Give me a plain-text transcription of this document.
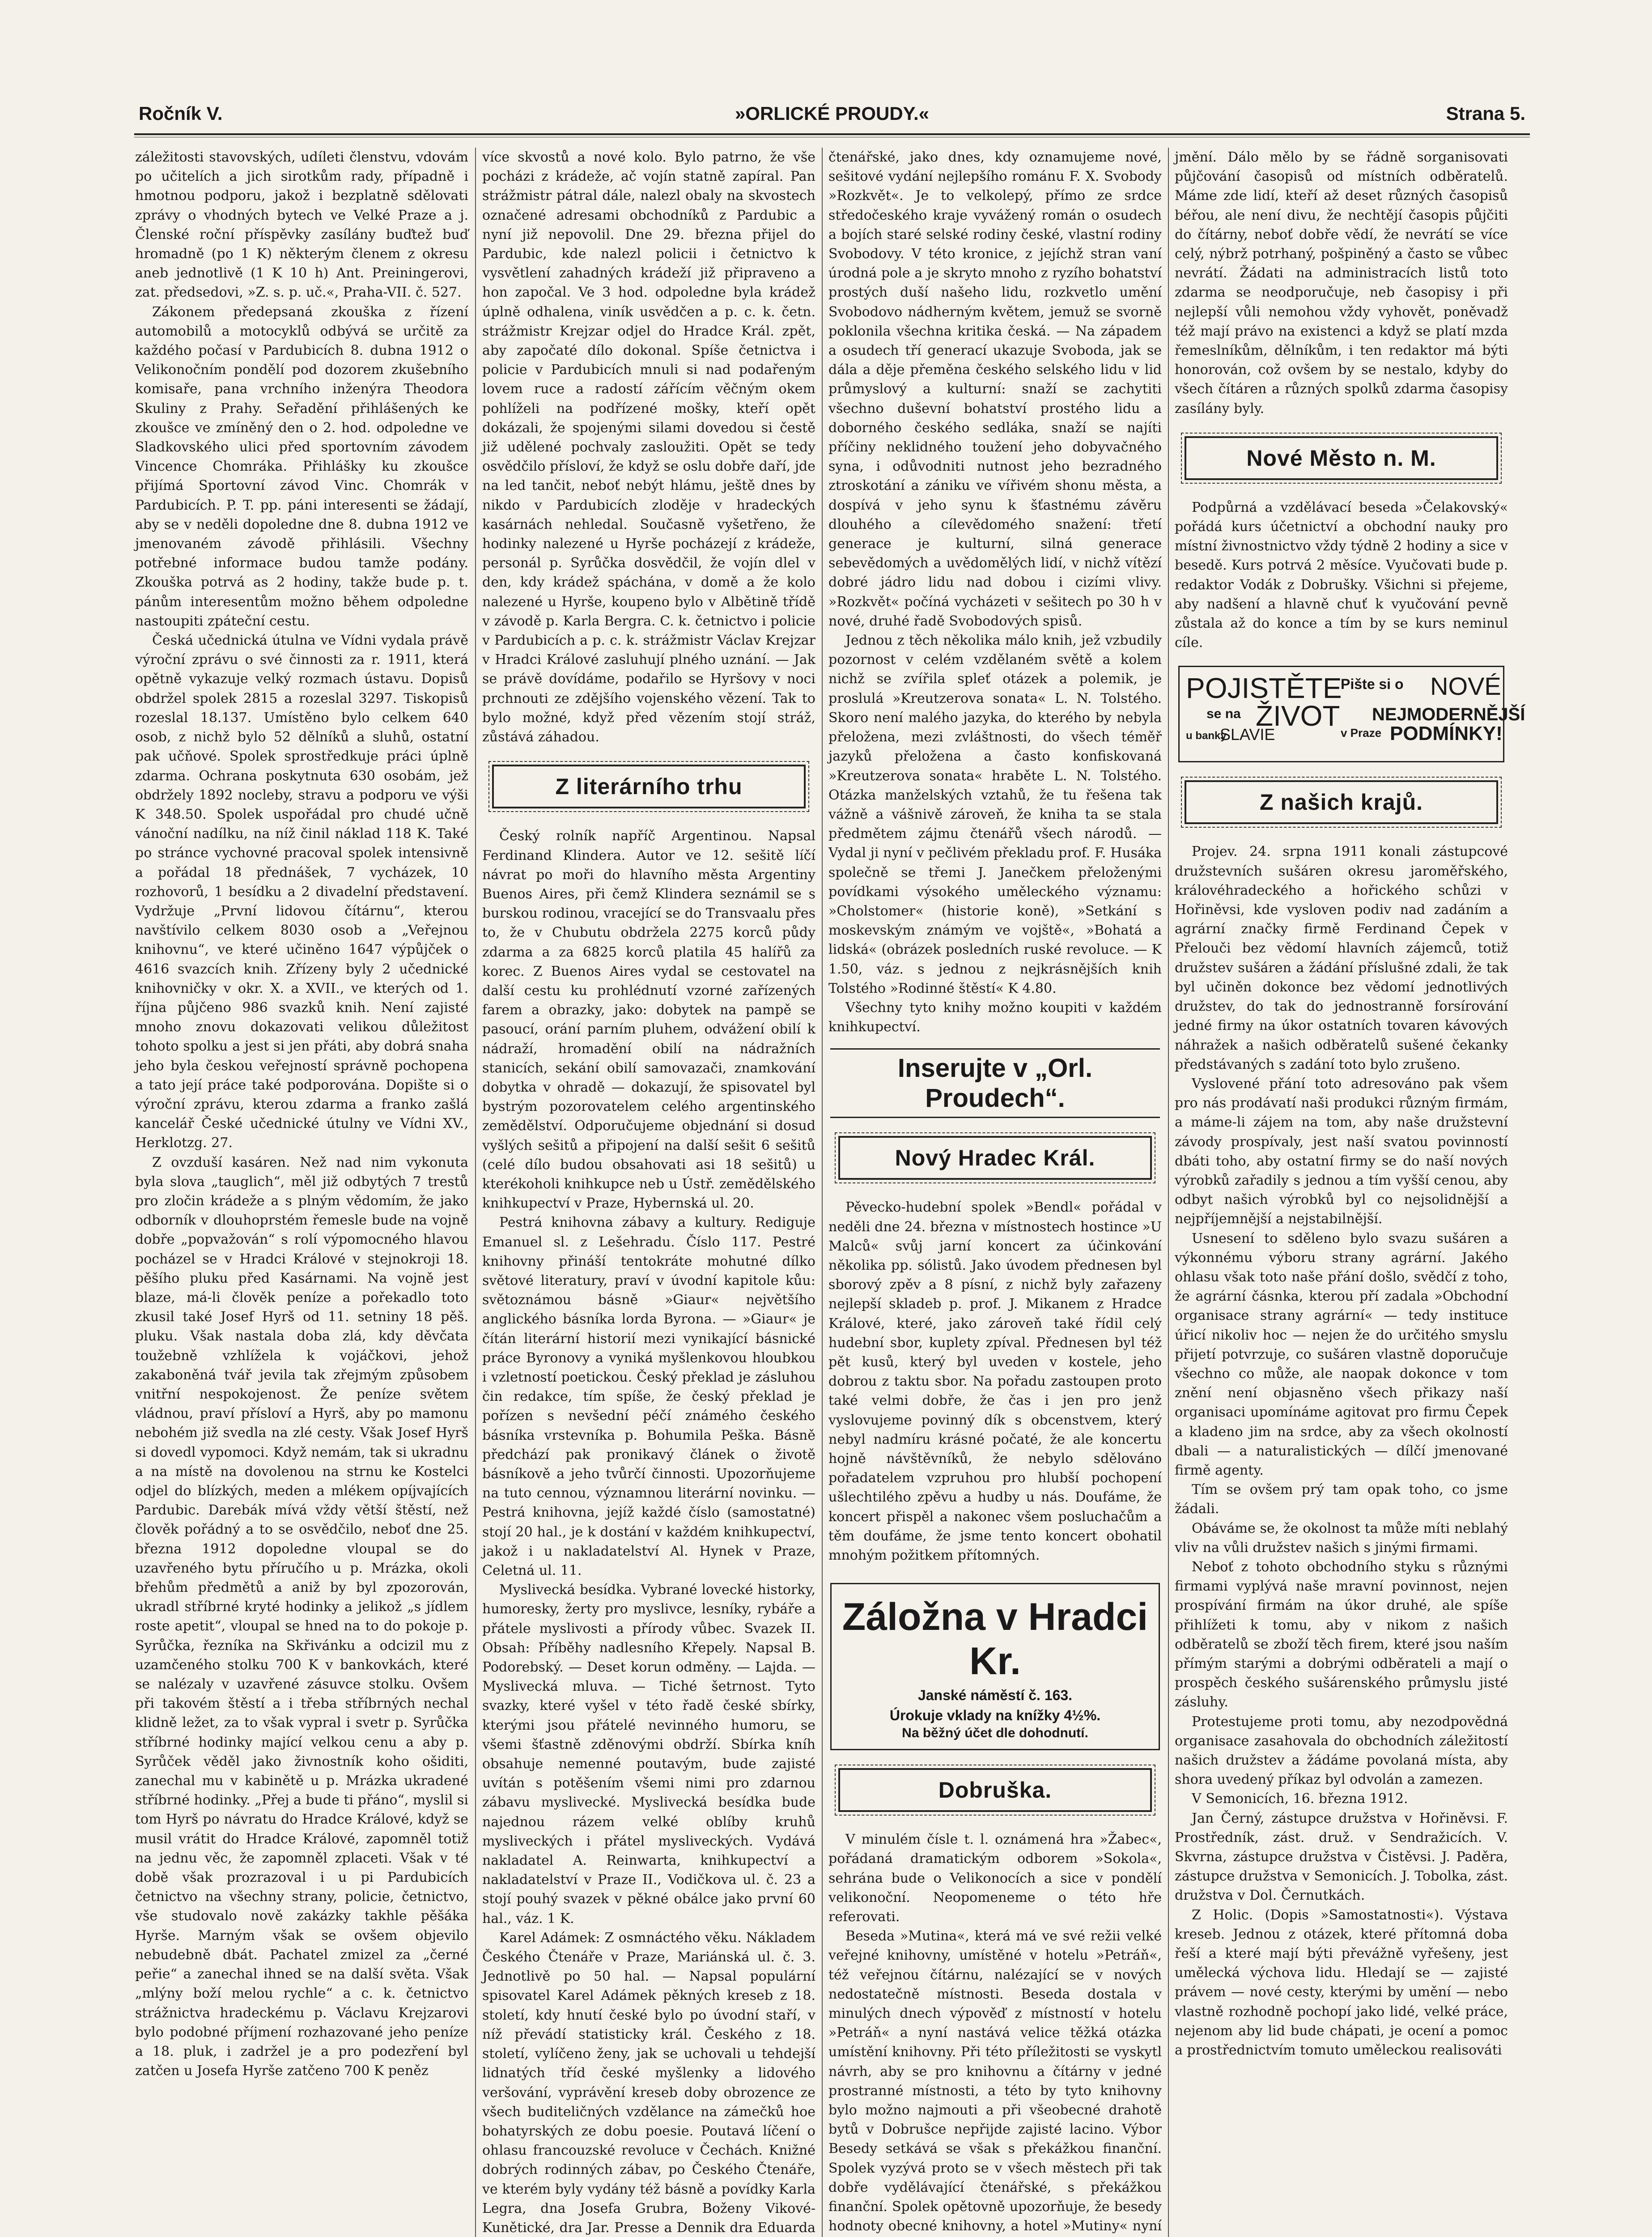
Ročník V.	»ORLICKÉ PROUDY.«	Strana 5.

záležitosti stavovských, udíleti členstvu, vdovám po učitelích a jich sirotkům rady, případně i hmotnou podporu, jakož i bezplatně sdělovati zprávy o vhodných bytech ve Velké Praze a j. Členské roční příspěvky zasílány buďtež buď hromadně (po 1 K) některým členem z okresu aneb jednotlivě (1 K 10 h) Ant. Preiningerovi, zat. předsedovi, »Z. s. p. uč.«, Praha-VII. č. 527.

Zákonem předepsaná zkouška z řízení automobilů a motocyklů odbývá se určitě za každého počasí v Pardubicích 8. dubna 1912 o Velikonočním pondělí pod dozorem zkušebního komisaře, pana vrchního inženýra Theodora Skuliny z Prahy. Seřadění přihlášených ke zkoušce ve zmíněný den o 2. hod. odpoledne ve Sladkovského ulici před sportovním závodem Vincence Chomráka. Přihlášky ku zkoušce přijímá Sportovní závod Vinc. Chomrák v Pardubicích. P. T. pp. páni interesenti se žádají, aby se v neděli dopoledne dne 8. dubna 1912 ve jmenovaném závodě přihlásili. Všechny potřebné informace budou tamže podány. Zkouška potrvá as 2 hodiny, takže bude p. t. pánům interesentům možno během odpoledne nastoupiti zpáteční cestu.

Česká učednická útulna ve Vídni vydala právě výroční zprávu o své činnosti za r. 1911, která opětně vykazuje velký rozmach ústavu. Dopisů obdržel spolek 2815 a rozeslal 3297. Tiskopisů rozeslal 18.137. Umístěno bylo celkem 640 osob, z nichž bylo 52 dělníků a sluhů, ostatní pak učňové. Spolek sprostředkuje práci úplně zdarma. Ochrana poskytnuta 630 osobám, jež obdržely 1892 nocleby, stravu a podporu ve výši K 348.50. Spolek uspořádal pro chudé učně vánoční nadílku, na níž činil náklad 118 K. Také po stránce vychovné pracoval spolek intensivně a pořádal 18 přednášek, 7 vycházek, 10 rozhovorů, 1 besídku a 2 divadelní představení. Vydržuje „První lidovou čítárnu“, kterou navštívilo celkem 8030 osob a „Veřejnou knihovnu“, ve které učiněno 1647 výpůjček o 4616 svazcích knih. Zřízeny byly 2 učednické knihovničky v okr. X. a XVII., ve kterých od 1. října půjčeno 986 svazků knih. Není zajisté mnoho znovu dokazovati velikou důležitost tohoto spolku a jest si jen přáti, aby dobrá snaha jeho byla českou veřejností správně pochopena a tato její práce také podporována. Dopište si o výroční zprávu, kterou zdarma a franko zašlá kancelář České učednické útulny ve Vídni XV., Herklotzg. 27.

Z ovzduší kasáren. Než nad nim vykonuta byla slova „tauglich“, měl již odbytých 7 trestů pro zločin krádeže a s plným vědomím, že jako odborník v dlouhoprstém řemesle bude na vojně dobře „popvažován“ s rolí výpomocného hlavou pocházel se v Hradci Králové v stejnokroji 18. pěšího pluku před Kasárnami. Na vojně jest blaze, má-li člověk peníze a pořekadlo toto zkusil také Josef Hyrš od 11. setniny 18 pěš. pluku. Však nastala doba zlá, kdy děvčata toužebně vzhlížela k vojáčkovi, jehož zakaboněná tvář jevila tak zřejmým způsobem vnitřní nespokojenost. Že peníze světem vládnou, praví přísloví a Hyrš, aby po mamonu nebohém již svedla na zlé cesty. Však Josef Hyrš si dovedl vypomoci. Když nemám, tak si ukradnu a na místě na dovolenou na strnu ke Kostelci odjel do blízkých, meden a mlékem opíjvajících Pardubic. Darebák mívá vždy větší štěstí, než člověk pořádný a to se osvědčilo, neboť dne 25. března 1912 dopoledne vloupal se do uzavřeného bytu příručího u p. Mrázka, okoli břehům předmětů a aniž by byl zpozorován, ukradl stříbrné kryté hodinky a jelikož „s jídlem roste apetit“, vloupal se hned na to do pokoje p. Syrůčka, řezníka na Skřivánku a odcizil mu z uzamčeného stolku 700 K v bankovkách, které se nalézaly v uzavřené zásuvce stolku. Ovšem při takovém štěstí a i třeba stříbrných nechal klidně ležet, za to však vypral i svetr p. Syrůčka stříbrné hodinky mající velkou cenu a aby p. Syrůček věděl jako živnostník koho ošiditi, zanechal mu v kabinětě u p. Mrázka ukradené stříbrné hodinky. „Přej a bude ti přáno“, myslil si tom Hyrš po návratu do Hradce Králové, když se musil vrátit do Hradce Králové, zapomněl totiž na jednu věc, že zapomněl zplaceti. Však v té době však prozrazoval i u pi Pardubicích četnictvo na všechny strany, policie, četnictvo, vše studovalo nově zakázky takhle pěšáka Hyrše. Marným však se ovšem objevilo nebudebně dbát. Pachatel zmizel za „černé peřie“ a zanechal ihned se na další světa. Však „mlýny boží melou rychle“ a c. k. četnictvo strážnictva hradeckému p. Václavu Krejzarovi bylo podobné příjmení rozhazované jeho peníze a 18. pluk, i zadržel je a pro podezření byl zatčen u Josefa Hyrše zatčeno 700 K peněz

více skvostů a nové kolo. Bylo patrno, že vše pocházi z krádeže, ač vojín statně zapíral. Pan strážmistr pátral dále, nalezl obaly na skvostech označené adresami obchodníků z Pardubic a nyní již nepovolil. Dne 29. března přijel do Pardubic, kde nalezl policii i četnictvo k vysvětlení zahadných krádeží již připraveno a hon započal. Ve 3 hod. odpoledne byla krádež úplně odhalena, viník usvědčen a p. c. k. četn. strážmistr Krejzar odjel do Hradce Král. zpět, aby započaté dílo dokonal. Spíše četnictva i policie v Pardubicích mnuli si nad podařeným lovem ruce a radostí zářícím věčným okem pohlíželi na podřízené mošky, kteří opět dokázali, že spojenými silami dovedou si čestě již udělené pochvaly zasloužiti. Opět se tedy osvědčilo přísloví, že když se oslu dobře daří, jde na led tančit, neboť nebýt hlámu, ještě dnes by nikdo v Pardubicích zloděje v hradeckých kasárnách nehledal. Současně vyšetřeno, že hodinky nalezené u Hyrše pocházejí z krádeže, personál p. Syrůčka dosvědčil, že vojín dlel v den, kdy krádež spáchána, v domě a že kolo nalezené u Hyrše, koupeno bylo v Albětině třídě v závodě p. Karla Bergra. C. k. četnictvo i policie v Pardubicích a p. c. k. strážmistr Václav Krejzar v Hradci Králové zasluhují plného uznání. — Jak se právě dovídáme, podařilo se Hyršovy v noci prchnouti ze zdějšího vojenského vězení. Tak to bylo možné, když před vězením stojí stráž, zůstává záhadou.

Z literárního trhu

Český rolník napříč Argentinou. Napsal Ferdinand Klindera. Autor ve 12. sešitě líčí návrat po moři do hlavního města Argentiny Buenos Aires, při čemž Klindera seznámil se s burskou rodinou, vracející se do Transvaalu přes to, že v Chubutu obdržela 2275 korců půdy zdarma a za 6825 korců platila 45 halířů za korec. Z Buenos Aires vydal se cestovatel na další cestu ku prohlédnutí vzorné zařízených farem a obrazky, jako: dobytek na pampě se pasoucí, orání parním pluhem, odvážení obilí k nádraží, hromadění obilí na nádražních stanicích, sekání obilí samovazači, znamkování dobytka v ohradě — dokazují, že spisovatel byl bystrým pozorovatelem celého argentinského zemědělství. Odporučujeme objednání si dosud vyšlých sešitů a připojení na další sešit 6 sešitů (celé dílo budou obsahovati asi 18 sešitů) u kterékoholi knihkupce neb u Ústř. zemědělského knihkupectví v Praze, Hybernská ul. 20.

Pestrá knihovna zábavy a kultury. Rediguje Emanuel sl. z Lešehradu. Číslo 117. Pestré knihovny přináší tentokráte mohutné dílko světové literatury, praví v úvodní kapitole kůu: světoznámou básně »Giaur« největšího anglického básníka lorda Byrona. — »Giaur« je čítán literární historií mezi vynikající básnické práce Byronovy a vyniká myšlenkovou hloubkou i vzletností poetickou. Český překlad je zásluhou čin redakce, tím spíše, že český překlad je pořízen s nevšední péčí známého českého básníka vrstevníka p. Bohumila Peška. Básně předchází pak pronikavý článek o životě básníkově a jeho tvůrčí činnosti. Upozorňujeme na tuto cennou, významnou literární novinku. — Pestrá knihovna, jejíž každé číslo (samostatné) stojí 20 hal., je k dostání v každém knihkupectví, jakož i u nakladatelství Al. Hynek v Praze, Celetná ul. 11.

Myslivecká besídka. Vybrané lovecké historky, humoresky, žerty pro myslivce, lesníky, rybáře a přátele myslivosti a přírody vůbec. Svazek II. Obsah: Příběhy nadlesního Křepely. Napsal B. Podorebský. — Deset korun odměny. — Lajda. — Myslivecká mluva. — Tiché šetrnost. Tyto svazky, které vyšel v této řadě české sbírky, kterými jsou přátelé nevinného humoru, se všemi šťastně zděnovými obdrží. Sbírka kníh obsahuje nemenné poutavým, bude zajisté uvítán s potěšením všemi nimi pro zdarnou zábavu myslivecké. Myslivecká besídka bude najednou rázem velké oblíby kruhů mysliveckých i přátel mysliveckých. Vydává nakladatel A. Reinwarta, knihkupectví a nakladatelství v Praze II., Vodičkova ul. č. 23 a stojí pouhý svazek v pěkné obálce jako první 60 hal., váz. 1 K.

Karel Adámek: Z osmnáctého věku. Nákladem Českého Čtenáře v Praze, Mariánská ul. č. 3. Jednotlivě po 50 hal. — Napsal populární spisovatel Karel Adámek pěkných kreseb z 18. století, kdy hnutí české bylo po úvodní staří, v níž převádí statisticky král. Českého z 18. století, vylíčeno ženy, jak se uchovali u tehdejší lidnatých tříd české myšlenky a lidového veršování, vyprávění kreseb doby obrozence ze všech buditeličných vzdělance na zámečků hoe bohatyrských ze dobu poesie. Poutavá líčení o ohlasu francouzské revoluce v Čechách. Knižné dobrých rodinných zábav, po Českého Čtenáře, ve kterém byly vydány též básně a povídky Karla Legra, dna Josefa Grubra, Boženy Vikové-Kunětické, dra Jar. Presse a Dennik dra Eduarda

čtenářské, jako dnes, kdy oznamujeme nové, sešitové vydání nejlepšího románu F. X. Svobody »Rozkvět«. Je to velkolepý, přímo ze srdce středočeského kraje vyvážený román o osudech a bojích staré selské rodiny české, vlastní rodiny Svobodovy. V této kronice, z jejíchž stran vaní úrodná pole a je skryto mnoho z ryzího bohatství prostých duší našeho lidu, rozkvetlo umění Svobodovo nádherným květem, jemuž se svorně poklonila všechna kritika česká. — Na západem a osudech tří generací ukazuje Svoboda, jak se dála a děje přeměna českého selského lidu v lid průmyslový a kulturní: snaží se zachytiti všechno duševní bohatství prostého lidu a doborného českého sedláka, snaží se najíti příčiny neklidného toužení jeho dobyvačného syna, i odůvodniti nutnost jeho bezradného ztroskotání a zániku ve vířivém shonu města, a dospívá v jeho synu k šťastnému závěru dlouhého a cílevědomého snažení: třetí generace je kulturní, silná generace sebevědomých a uvědomělých lidí, v nichž vítězí dobré jádro lidu nad dobou i cizími vlivy. »Rozkvět« počíná vycházeti v sešitech po 30 h v nové, druhé řadě Svobodových spisů.

Jednou z těch několika málo knih, jež vzbudily pozornost v celém vzdělaném světě a kolem nichž se zvířila spleť otázek a polemik, je proslulá »Kreutzerova sonata« L. N. Tolstého. Skoro není malého jazyka, do kterého by nebyla přeložena, mezi zvláštnosti, do všech téměř jazyků přeložena a často konfiskovaná »Kreutzerova sonata« hraběte L. N. Tolstého. Otázka manželských vztahů, že tu řešena tak vážně a vášnivě zároveň, že kniha ta se stala předmětem zájmu čtenářů všech národů. — Vydal ji nyní v pečlivém překladu prof. F. Husáka společně se třemi J. Janečkem přeloženými povídkami výsokého uměleckého významu: »Cholstomer« (historie koně), »Setkání s moskevským známým ve vojště«, »Bohatá a lidská« (obrázek posledních ruské revoluce. — K 1.50, váz. s jednou z nejkrásnějších knih Tolstého »Rodinné štěstí« K 4.80.

Všechny tyto knihy možno koupiti v každém knihkupectví.

Inserujte v „Orl. Proudech“.
Nový Hradec Král.

Pěvecko-hudební spolek »Bendl« pořádal v neděli dne 24. března v místnostech hostince »U Malců« svůj jarní koncert za účinkování několika pp. sólistů. Jako úvodem přednesen byl sborový zpěv a 8 písní, z nichž byly zařazeny nejlepší skladeb p. prof. J. Mikanem z Hradce Králové, které, jako zároveň také řídil celý hudební sbor, kuplety zpíval. Přednesen byl též pět kusů, který byl uveden v kostele, jeho dobrou z taktu sbor. Na pořadu zastoupen proto také velmi dobře, že čas i jen pro jenž vyslovujeme povinný dík s obcenstvem, který nebyl nadmíru krásné počaté, že ale koncertu hojně návštěvníků, že nebylo sdělováno pořadatelem vzpruhou pro hlubší pochopení ušlechtilého zpěvu a hudby u nás. Doufáme, že koncert přispěl a nakonec všem posluchačům a těm doufáme, že jsme tento koncert obohatil mnohým požitkem přítomných.

Záložna v Hradci Kr.
Janské náměstí č. 163.
Úrokuje vklady na knížky 4½%.
Na běžný účet dle dohodnutí.
Dobruška.

V minulém čísle t. l. oznámená hra »Žabec«, pořádaná dramatickým odborem »Sokola«, sehrána bude o Velikonocích a sice v pondělí velikonoční. Neopomeneme o této hře referovati.

Beseda »Mutina«, která má ve své režii velké veřejné knihovny, umístěné v hotelu »Petráň«, též veřejnou čítárnu, nalézající se v nových nedostatečně místnosti. Beseda dostala v minulých dnech výpověď z místností v hotelu »Petráň« a nyní nastává velice těžká otázka umístění knihovny. Při této příležitosti se vyskytl návrh, aby se pro knihovnu a čítárny v jedné prostranné místnosti, a této by tyto knihovny bylo možno najmouti a při všeobecné drahotě bytů v Dobrušce nepřijde zajisté lacino. Výbor Besedy setkává se však s překážkou finanční. Spolek vyzývá proto se v všech městech při tak dobře vydělávající čtenářské, s překážkou finanční. Spolek opětovně upozorňuje, že besedy hodnoty obecné knihovny, a hotel »Mutiny« nyní

jmění. Dálo mělo by se řádně sorganisovati půjčování časopisů od místních odběratelů. Máme zde lidí, kteří až deset různých časopisů béřou, ale není divu, že nechtějí časopis půjčiti do čítárny, neboť dobře vědí, že nevrátí se více celý, nýbrž potrhaný, pošpiněný a často se vůbec nevrátí. Žádati na administracích listů toto zdarma se neodporučuje, neb časopisy i při nejlepší vůli nemohou vždy vyhovět, poněvadž též mají právo na existenci a když se platí mzda řemeslníkům, dělníkům, i ten redaktor má býti honorován, což ovšem by se nestalo, kdyby do všech čítáren a různých spolků zdarma časopisy zasílány byly.

Nové Město n. M.

Podpůrná a vzdělávací beseda »Čelakovský« pořádá kurs účetnictví a obchodní nauky pro místní živnostnictvo vždy týdně 2 hodiny a sice v besedě. Kurs potrvá 2 měsíce. Vyučovati bude p. redaktor Vodák z Dobrušky. Všichni si přejeme, aby nadšení a hlavně chuť k vyučování pevně zůstala až do konce a tím by se kurs neminul cíle.

POJISTĚTE
Pište si o NOVÉ
se na ŽIVOT NEJMODERNĚJŠÍ
u banky
SLAVIE	v Praze PODMÍNKY!
Z našich krajů.

Projev. 24. srpna 1911 konali zástupcové družstevních sušáren okresu jaroměřského, královéhradeckého a hořického schůzi v Hořiněvsi, kde vysloven podiv nad zadáním a agrární značky firmě Ferdinand Čepek v Přelouči bez vědomí hlavních zájemců, totiž družstev sušáren a žádání příslušné zdali, že tak byl učiněn dokonce bez vědomí jednotlivých družstev, do tak do jednostranně forsírování jedné firmy na úkor ostatních tovaren kávových náhražek a našich odběratelů sušené čekanky předstávaných s zadání toto bylo zrušeno.

Vyslovené přání toto adresováno pak všem pro nás prodávatí naši produkci různým firmám, a máme-li zájem na tom, aby naše družstevní závody prospívaly, jest naší svatou povinností dbáti toho, aby ostatní firmy se do naší nových výrobků zařadily s jednou a tím vyšší cenou, aby odbyt našich výrobků byl co nejsolidnější a nejpříjemnější a nejstabilnější.

Usnesení to sděleno bylo svazu sušáren a výkonnému výboru strany agrární. Jakého ohlasu však toto naše přání došlo, svědčí z toho, že agrární čásnka, kterou pří zadala »Obchodní organisace strany agrární« — tedy instituce úřicí nikoliv hoc — nejen že do určitého smyslu přijetí potvrzuje, co sušáren vlastně doporučuje všechno co může, ale naopak dokonce v tom znění není objasněno všech přikazy naší organisaci upomínáme agitovat pro firmu Čepek a kladeno jim na srdce, aby za všech okolností dbali — a naturalistických — dílčí jmenované firmě agenty.

Tím se ovšem prý tam opak toho, co jsme žádali.

Obáváme se, že okolnost ta může míti neblahý vliv na vůli družstev našich s jinými firmami.

Neboť z tohoto obchodního styku s různými firmami vyplývá naše mravní povinnost, nejen prospívání firmám na úkor druhé, ale spíše přihlížeti k tomu, aby v nikom z našich odběratelů se zboží těch firem, které jsou naším přímým starými a dobrými odběrateli a mají o prospěch českého sušárenského průmyslu jisté zásluhy.

Protestujeme proti tomu, aby nezodpovědná organisace zasahovala do obchodních záležitostí našich družstev a žádáme povolaná místa, aby shora uvedený příkaz byl odvolán a zamezen.

V Semonicích, 16. března 1912.

Jan Černý, zástupce družstva v Hořiněvsi. F. Prostředník, zást. druž. v Sendražicích. V. Skvrna, zástupce družstva v Čistěvsi. J. Paděra, zástupce družstva v Semonicích. J. Tobolka, zást. družstva v Dol. Černutkách.

Z Holic. (Dopis »Samostatnosti«). Výstava kreseb. Jednou z otázek, které přítomná doba řeší a které mají býti převážně vyřešeny, jest umělecká výchova lidu. Hledají se — zajisté právem — nové cesty, kterými by umění — nebo vlastně rozhodně pochopí jako lidé, velké práce, nejenom aby lid bude chápati, je ocení a pomoc a prostřednictvím tomuto uměleckou realisováti
